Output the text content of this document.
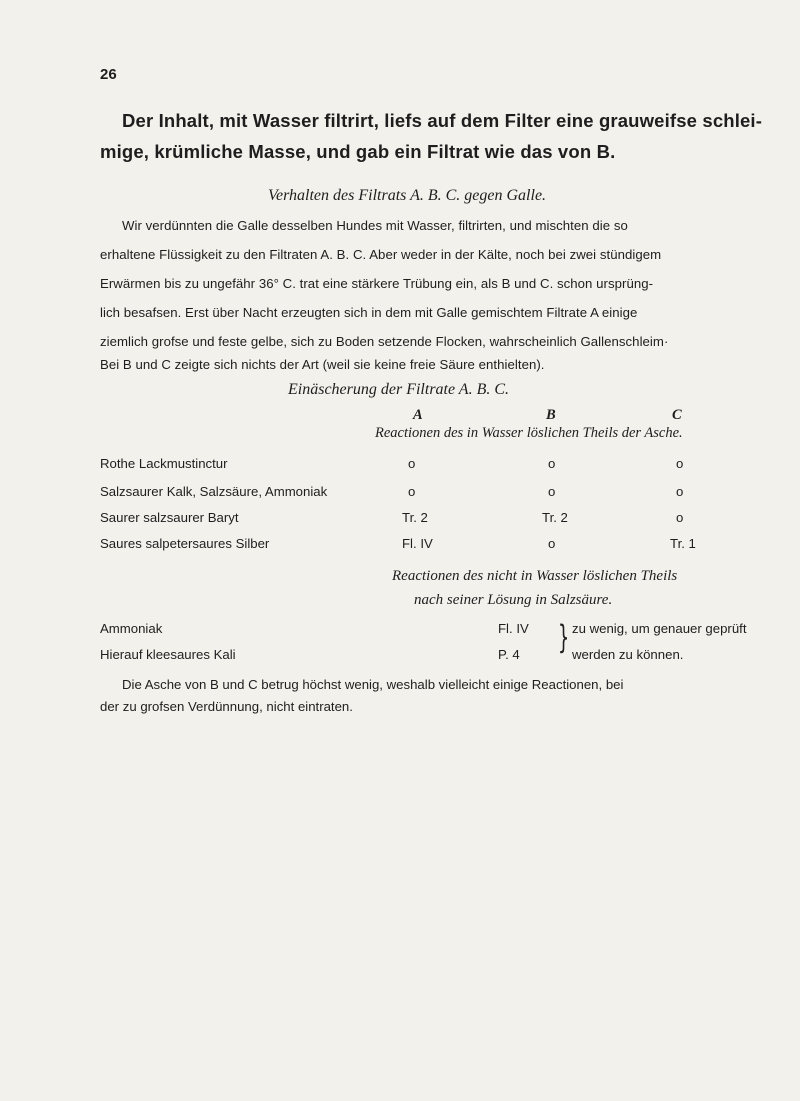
26
Der Inhalt, mit Wasser filtrirt, liefs auf dem Filter eine grauweifse schlei-
mige, krümliche Masse, und gab ein Filtrat wie das von B.
Verhalten des Filtrats A. B. C. gegen Galle.
Wir verdünnten die Galle desselben Hundes mit Wasser, filtrirten, und mischten die so
erhaltene Flüssigkeit zu den Filtraten A. B. C. Aber weder in der Kälte, noch bei zwei stündigem
Erwärmen bis zu ungefähr 36° C. trat eine stärkere Trübung ein, als B und C. schon ursprüng-
lich besafsen. Erst über Nacht erzeugten sich in dem mit Galle gemischtem Filtrate A einige
ziemlich grofse und feste gelbe, sich zu Boden setzende Flocken, wahrscheinlich Gallenschleim·
Bei B und C zeigte sich nichts der Art (weil sie keine freie Säure enthielten).
Einäscherung der Filtrate A. B. C.
A	B	C
Reactionen des in Wasser löslichen Theils der Asche.
Rothe Lackmustinctur	o	o	o
Salzsaurer Kalk, Salzsäure, Ammoniak	o	o	o
Saurer salzsaurer Baryt	Tr. 2	Tr. 2	o
Saures salpetersaures Silber	Fl. IV	o	Tr. 1
Reactionen des nicht in Wasser löslichen Theils
nach seiner Lösung in Salzsäure.
Ammoniak	Fl. IV
Hierauf kleesaures Kali	P. 4 } zu wenig, um genauer geprüft
werden zu können.
Die Asche von B und C betrug höchst wenig, weshalb vielleicht einige Reactionen, bei
der zu grofsen Verdünnung, nicht eintraten.
